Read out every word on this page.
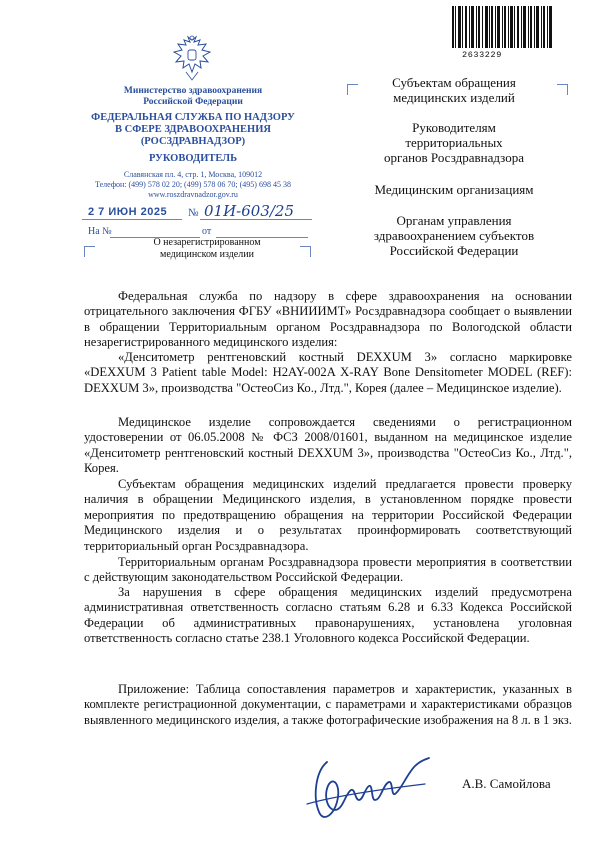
Министерство здравоохранения
Российской Федерации
ФЕДЕРАЛЬНАЯ СЛУЖБА ПО НАДЗОРУ
В СФЕРЕ ЗДРАВООХРАНЕНИЯ
(РОСЗДРАВНАДЗОР)
РУКОВОДИТЕЛЬ
Славянская пл. 4, стр. 1, Москва, 109012
Телефон: (499) 578 02 20; (499) 578 06 70; (495) 698 45 38
www.roszdravnadzor.gov.ru
2 7 ИЮН 2025 № 01И-603/25
На №	от
О незарегистрированном
медицинском изделии
2633229
Субъектам обращения
медицинских изделий
Руководителям
территориальных
органов Росздравнадзора
Медицинским организациям
Органам управления
здравоохранением субъектов
Российской Федерации

Федеральная служба по надзору в сфере здравоохранения на основании отрицательного заключения ФГБУ «ВНИИИМТ» Росздравнадзора сообщает о выявлении в обращении Территориальным органом Росздравнадзора по Вологодской области незарегистрированного медицинского изделия:

«Денситометр рентгеновский костный DEXXUM 3» согласно маркировке «DEXXUM 3 Patient table Model: H2AY-002A X-RAY Bone Densitometer MODEL (REF): DEXXUM 3», производства "ОстеоСиз Ко., Лтд.", Корея (далее – Медицинское изделие).

Медицинское изделие сопровождается сведениями о регистрационном удостоверении от 06.05.2008 № ФСЗ 2008/01601, выданном на медицинское изделие «Денситометр рентгеновский костный DEXXUM 3», производства "ОстеоСиз Ко., Лтд.", Корея.

Субъектам обращения медицинских изделий предлагается провести проверку наличия в обращении Медицинского изделия, в установленном порядке провести мероприятия по предотвращению обращения на территории Российской Федерации Медицинского изделия и о результатах проинформировать соответствующий территориальный орган Росздравнадзора.

Территориальным органам Росздравнадзора провести мероприятия в соответствии с действующим законодательством Российской Федерации.

За нарушения в сфере обращения медицинских изделий предусмотрена административная ответственность согласно статьям 6.28 и 6.33 Кодекса Российской Федерации об административных правонарушениях, установлена уголовная ответственность согласно статье 238.1 Уголовного кодекса Российской Федерации.

Приложение: Таблица сопоставления параметров и характеристик, указанных в комплекте регистрационной документации, с параметрами и характеристиками образцов выявленного медицинского изделия, а также фотографические изображения на 8 л. в 1 экз.

А.В. Самойлова
